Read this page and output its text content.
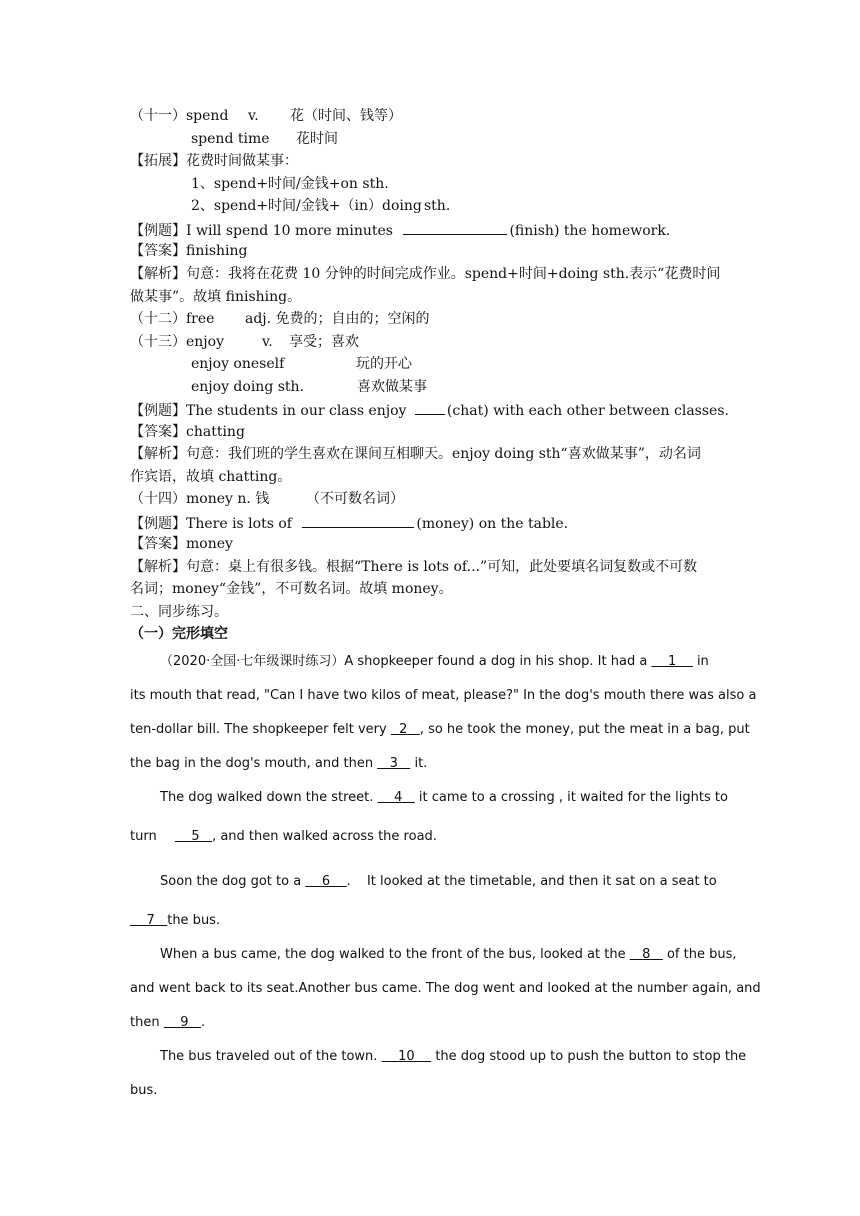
（十一）spend v. 花（时间、钱等）
spend time 花时间
【拓展】花费时间做某事：
1、spend+时间/金钱+on sth.
2、spend+时间/金钱+（in）doing sth.
【例题】I will spend 10 more minutes	(finish) the homework.
【答案】finishing
【解析】句意：我将在花费 10 分钟的时间完成作业。spend+时间+doing sth.表示“花费时间
做某事”。故填 finishing。
（十二）free adj. 免费的；自由的；空闲的
（十三）enjoy	v. 享受；喜欢
enjoy oneself	玩的开心
enjoy doing sth.	喜欢做某事
【例题】The students in our class enjoy	(chat) with each other between classes.
【答案】chatting
【解析】句意：我们班的学生喜欢在课间互相聊天。enjoy doing sth“喜欢做某事”，动名词
作宾语，故填 chatting。
（十四）money n. 钱	（不可数名词）
【例题】There is lots of	(money) on the table.
【答案】money
【解析】句意：桌上有很多钱。根据“There is lots of...”可知，此处要填名词复数或不可数
名词；money“金钱”，不可数名词。故填 money。
二、同步练习。
（一）完形填空
（2020·全国·七年级课时练习）A shopkeeper found a dog in his shop. It had a 1 in
its mouth that read, "Can I have two kilos of meat, please?" In the dog's mouth there was also a
ten-dollar bill. The shopkeeper felt very 2 , so he took the money, put the meat in a bag, put
the bag in the dog's mouth, and then 3 it.
The dog walked down the street. 4 it came to a crossing , it waited for the lights to
turn	5 , and then walked across the road.
Soon the dog got to a 6 . It looked at the timetable, and then it sat on a seat to
7 the bus.
When a bus came, the dog walked to the front of the bus, looked at the 8 of the bus,
and went back to its seat.Another bus came. The dog went and looked at the number again, and
then 9 .
The bus traveled out of the town. 10 the dog stood up to push the button to stop the
bus.
